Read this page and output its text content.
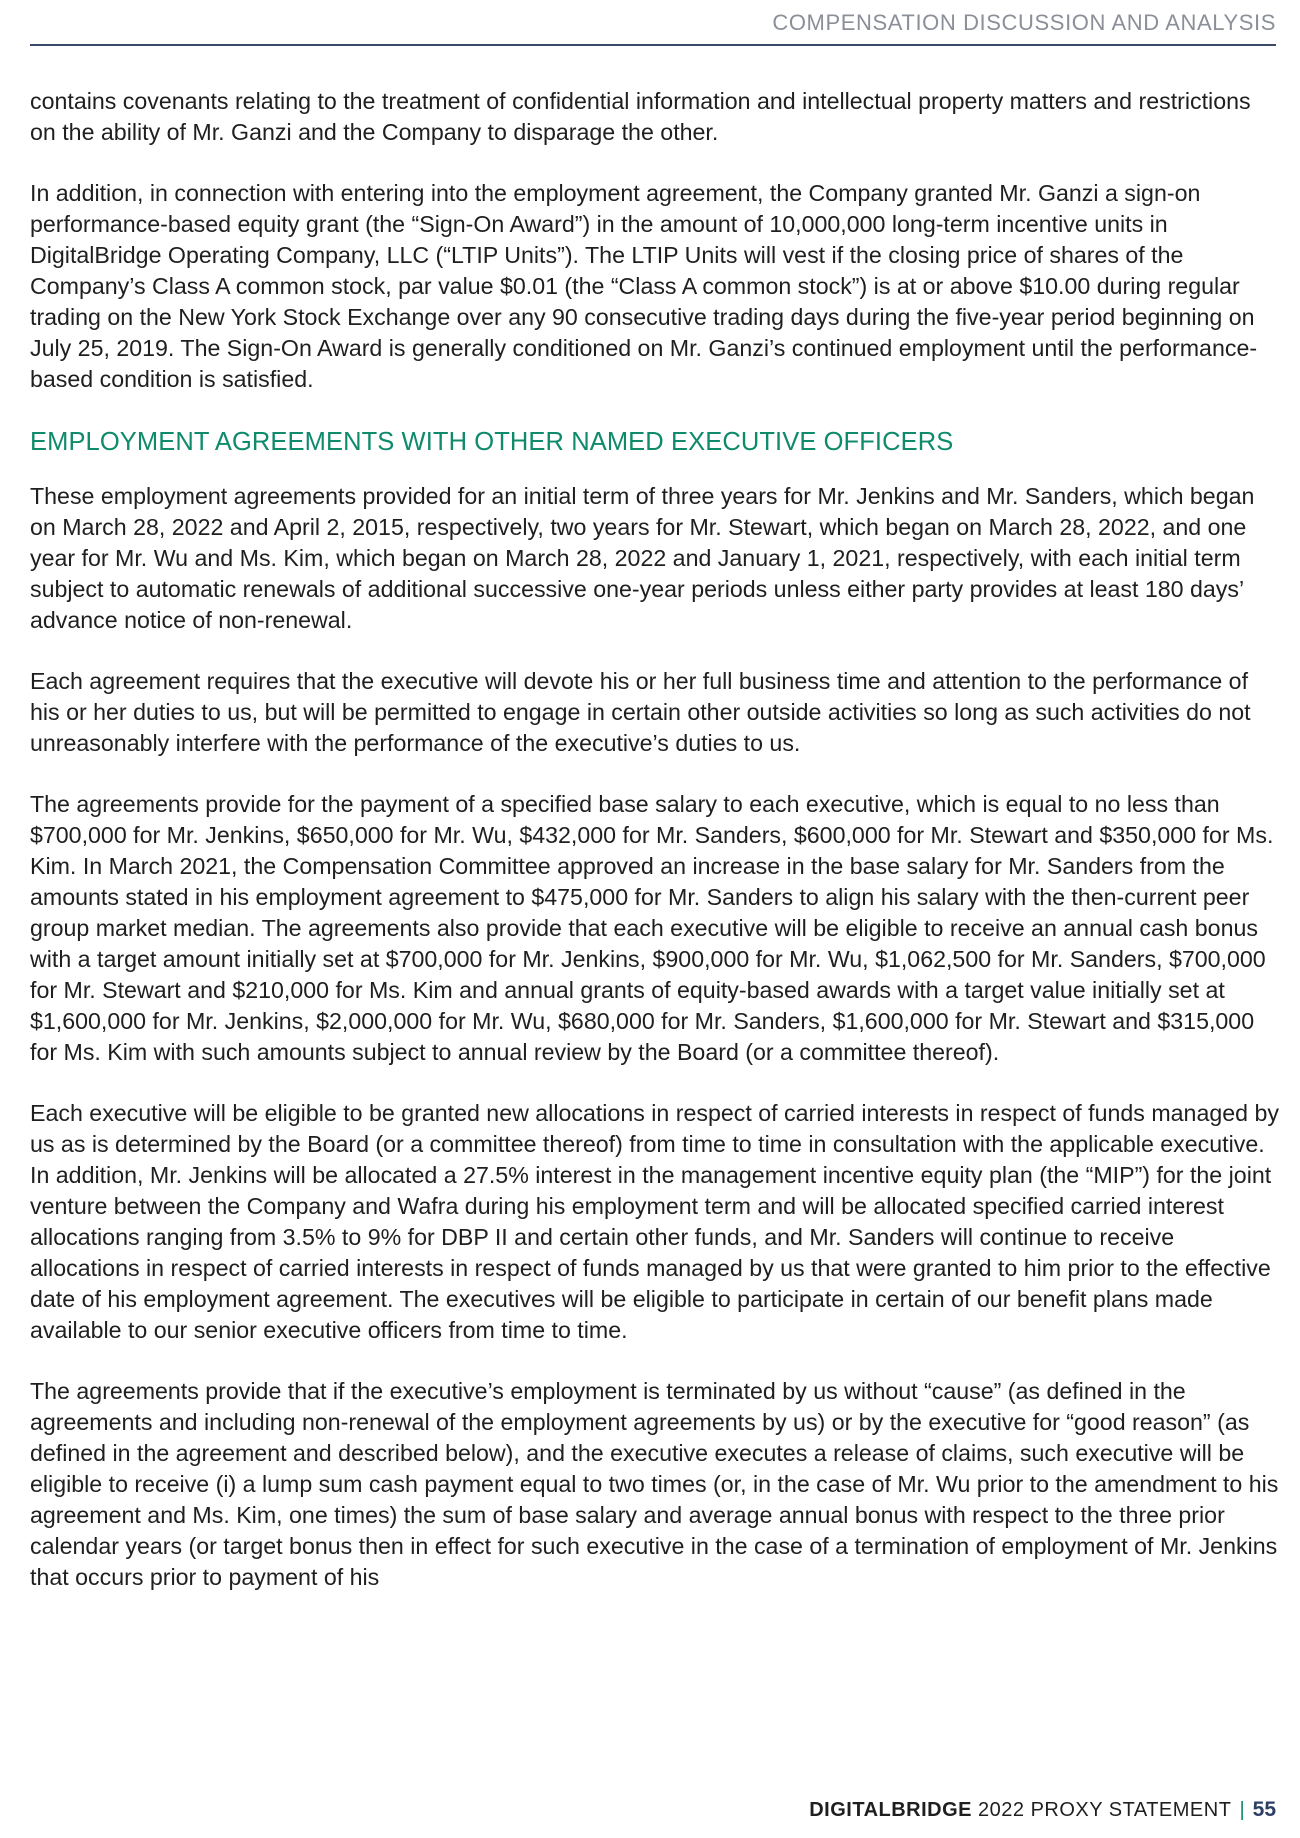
COMPENSATION DISCUSSION AND ANALYSIS

contains covenants relating to the treatment of confidential information and intellectual property matters and restrictions on the ability of Mr. Ganzi and the Company to disparage the other.

In addition, in connection with entering into the employment agreement, the Company granted Mr. Ganzi a sign-on performance-based equity grant (the “Sign-On Award”) in the amount of 10,000,000 long-term incentive units in DigitalBridge Operating Company, LLC (“LTIP Units”). The LTIP Units will vest if the closing price of shares of the Company’s Class A common stock, par value $0.01 (the “Class A common stock”) is at or above $10.00 during regular trading on the New York Stock Exchange over any 90 consecutive trading days during the five-year period beginning on July 25, 2019. The Sign-On Award is generally conditioned on Mr. Ganzi’s continued employment until the performance-based condition is satisfied.

EMPLOYMENT AGREEMENTS WITH OTHER NAMED EXECUTIVE OFFICERS

These employment agreements provided for an initial term of three years for Mr. Jenkins and Mr. Sanders, which began on March 28, 2022 and April 2, 2015, respectively, two years for Mr. Stewart, which began on March 28, 2022, and one year for Mr. Wu and Ms. Kim, which began on March 28, 2022 and January 1, 2021, respectively, with each initial term subject to automatic renewals of additional successive one-year periods unless either party provides at least 180 days’ advance notice of non-renewal.

Each agreement requires that the executive will devote his or her full business time and attention to the performance of his or her duties to us, but will be permitted to engage in certain other outside activities so long as such activities do not unreasonably interfere with the performance of the executive’s duties to us.

The agreements provide for the payment of a specified base salary to each executive, which is equal to no less than $700,000 for Mr. Jenkins, $650,000 for Mr. Wu, $432,000 for Mr. Sanders, $600,000 for Mr. Stewart and $350,000 for Ms. Kim. In March 2021, the Compensation Committee approved an increase in the base salary for Mr. Sanders from the amounts stated in his employment agreement to $475,000 for Mr. Sanders to align his salary with the then-current peer group market median. The agreements also provide that each executive will be eligible to receive an annual cash bonus with a target amount initially set at $700,000 for Mr. Jenkins, $900,000 for Mr. Wu, $1,062,500 for Mr. Sanders, $700,000 for Mr. Stewart and $210,000 for Ms. Kim and annual grants of equity-based awards with a target value initially set at $1,600,000 for Mr. Jenkins, $2,000,000 for Mr. Wu, $680,000 for Mr. Sanders, $1,600,000 for Mr. Stewart and $315,000 for Ms. Kim with such amounts subject to annual review by the Board (or a committee thereof).

Each executive will be eligible to be granted new allocations in respect of carried interests in respect of funds managed by us as is determined by the Board (or a committee thereof) from time to time in consultation with the applicable executive. In addition, Mr. Jenkins will be allocated a 27.5% interest in the management incentive equity plan (the “MIP”) for the joint venture between the Company and Wafra during his employment term and will be allocated specified carried interest allocations ranging from 3.5% to 9% for DBP II and certain other funds, and Mr. Sanders will continue to receive allocations in respect of carried interests in respect of funds managed by us that were granted to him prior to the effective date of his employment agreement. The executives will be eligible to participate in certain of our benefit plans made available to our senior executive officers from time to time.

The agreements provide that if the executive’s employment is terminated by us without “cause” (as defined in the agreements and including non-renewal of the employment agreements by us) or by the executive for “good reason” (as defined in the agreement and described below), and the executive executes a release of claims, such executive will be eligible to receive (i) a lump sum cash payment equal to two times (or, in the case of Mr. Wu prior to the amendment to his agreement and Ms. Kim, one times) the sum of base salary and average annual bonus with respect to the three prior calendar years (or target bonus then in effect for such executive in the case of a termination of employment of Mr. Jenkins that occurs prior to payment of his

DIGITALBRIDGE 2022 PROXY STATEMENT | 55
